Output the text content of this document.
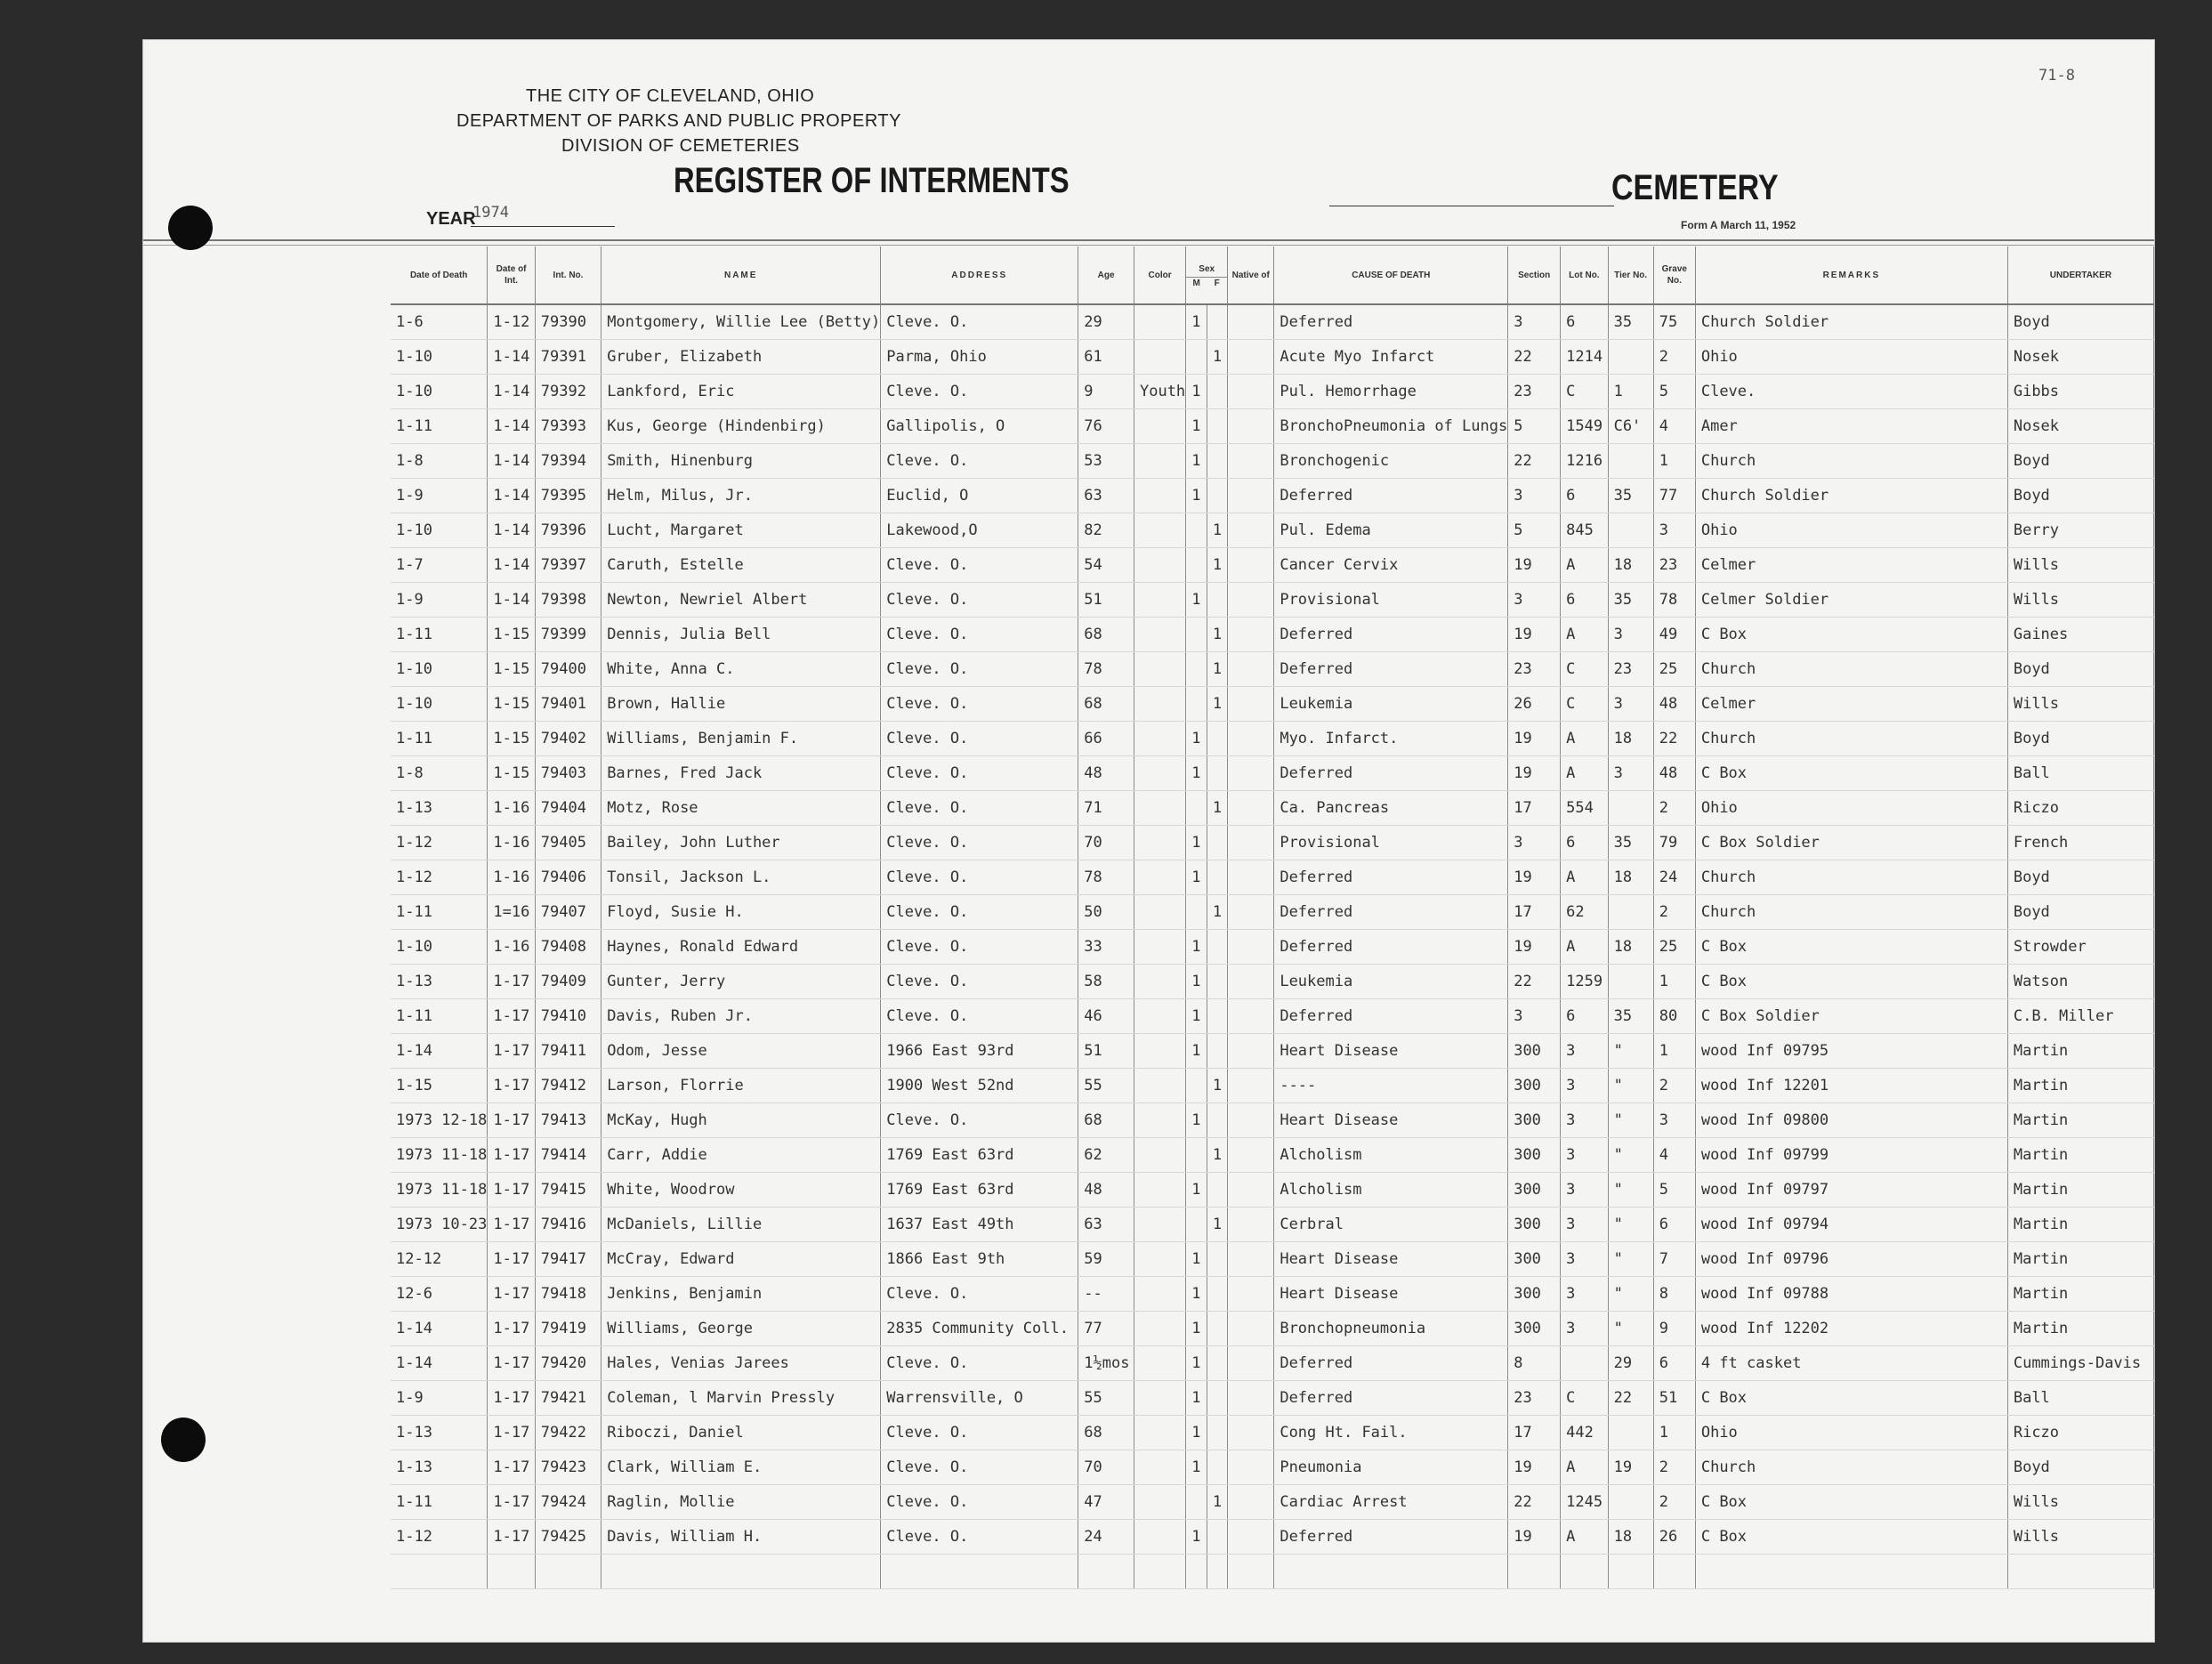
71-8
THE CITY OF CLEVELAND, OHIO
DEPARTMENT OF PARKS AND PUBLIC PROPERTY
DIVISION OF CEMETERIES
REGISTER OF INTERMENTS	CEMETERY
YEAR
1974
Form A March 11, 1952
Date of Death	Date of Int.	Int. No.	NAME	ADDRESS	Age	Color	Sex
M F		Native of	CAUSE OF DEATH	Section	Lot No.	Tier No.	Grave No.	REMARKS	UNDERTAKER
1-6	1-12	79390	Montgomery, Willie Lee (Betty)	Cleve. O.	29		1			Deferred	3	6	35	75	Church Soldier	Boyd
1-10	1-14	79391	Gruber, Elizabeth	Parma, Ohio	61			1		Acute Myo Infarct	22	1214		2	Ohio	Nosek
1-10	1-14	79392	Lankford, Eric	Cleve. O.	9	Youth	1			Pul. Hemorrhage	23	C	1	5	Cleve.	Gibbs
1-11	1-14	79393	Kus, George (Hindenbirg)	Gallipolis, O	76		1			BronchoPneumonia of Lungs	5	1549	C6'	4	Amer	Nosek
1-8	1-14	79394	Smith, Hinenburg	Cleve. O.	53		1			Bronchogenic	22	1216		1	Church	Boyd
1-9	1-14	79395	Helm, Milus, Jr.	Euclid, O	63		1			Deferred	3	6	35	77	Church Soldier	Boyd
1-10	1-14	79396	Lucht, Margaret	Lakewood,O	82			1		Pul. Edema	5	845		3	Ohio	Berry
1-7	1-14	79397	Caruth, Estelle	Cleve. O.	54			1		Cancer Cervix	19	A	18	23	Celmer	Wills
1-9	1-14	79398	Newton, Newriel Albert	Cleve. O.	51		1			Provisional	3	6	35	78	Celmer Soldier	Wills
1-11	1-15	79399	Dennis, Julia Bell	Cleve. O.	68			1		Deferred	19	A	3	49	C Box	Gaines
1-10	1-15	79400	White, Anna C.	Cleve. O.	78			1		Deferred	23	C	23	25	Church	Boyd
1-10	1-15	79401	Brown, Hallie	Cleve. O.	68			1		Leukemia	26	C	3	48	Celmer	Wills
1-11	1-15	79402	Williams, Benjamin F.	Cleve. O.	66		1			Myo. Infarct.	19	A	18	22	Church	Boyd
1-8	1-15	79403	Barnes, Fred Jack	Cleve. O.	48		1			Deferred	19	A	3	48	C Box	Ball
1-13	1-16	79404	Motz, Rose	Cleve. O.	71			1		Ca. Pancreas	17	554		2	Ohio	Riczo
1-12	1-16	79405	Bailey, John Luther	Cleve. O.	70		1			Provisional	3	6	35	79	C Box Soldier	French
1-12	1-16	79406	Tonsil, Jackson L.	Cleve. O.	78		1			Deferred	19	A	18	24	Church	Boyd
1-11	1=16	79407	Floyd, Susie H.	Cleve. O.	50			1		Deferred	17	62		2	Church	Boyd
1-10	1-16	79408	Haynes, Ronald Edward	Cleve. O.	33		1			Deferred	19	A	18	25	C Box	Strowder
1-13	1-17	79409	Gunter, Jerry	Cleve. O.	58		1			Leukemia	22	1259		1	C Box	Watson
1-11	1-17	79410	Davis, Ruben Jr.	Cleve. O.	46		1			Deferred	3	6	35	80	C Box Soldier	C.B. Miller
1-14	1-17	79411	Odom, Jesse	1966 East 93rd	51		1			Heart Disease	300	3	"	1	wood Inf 09795	Martin
1-15	1-17	79412	Larson, Florrie	1900 West 52nd	55			1		----	300	3	"	2	wood Inf 12201	Martin
1973 12-18	1-17	79413	McKay, Hugh	Cleve. O.	68		1			Heart Disease	300	3	"	3	wood Inf 09800	Martin
1973 11-18	1-17	79414	Carr, Addie	1769 East 63rd	62			1		Alcholism	300	3	"	4	wood Inf 09799	Martin
1973 11-18	1-17	79415	White, Woodrow	1769 East 63rd	48		1			Alcholism	300	3	"	5	wood Inf 09797	Martin
1973 10-23	1-17	79416	McDaniels, Lillie	1637 East 49th	63			1		Cerbral	300	3	"	6	wood Inf 09794	Martin
12-12	1-17	79417	McCray, Edward	1866 East 9th	59		1			Heart Disease	300	3	"	7	wood Inf 09796	Martin
12-6	1-17	79418	Jenkins, Benjamin	Cleve. O.	--		1			Heart Disease	300	3	"	8	wood Inf 09788	Martin
1-14	1-17	79419	Williams, George	2835 Community Coll.	77		1			Bronchopneumonia	300	3	"	9	wood Inf 12202	Martin
1-14	1-17	79420	Hales, Venias Jarees	Cleve. O.	1½mos		1			Deferred	8		29	6	4 ft casket	Cummings-Davis
1-9	1-17	79421	Coleman, l Marvin Pressly	Warrensville, O	55		1			Deferred	23	C	22	51	C Box	Ball
1-13	1-17	79422	Riboczi, Daniel	Cleve. O.	68		1			Cong Ht. Fail.	17	442		1	Ohio	Riczo
1-13	1-17	79423	Clark, William E.	Cleve. O.	70		1			Pneumonia	19	A	19	2	Church	Boyd
1-11	1-17	79424	Raglin, Mollie	Cleve. O.	47			1		Cardiac Arrest	22	1245		2	C Box	Wills
1-12	1-17	79425	Davis, William H.	Cleve. O.	24		1			Deferred	19	A	18	26	C Box	Wills
